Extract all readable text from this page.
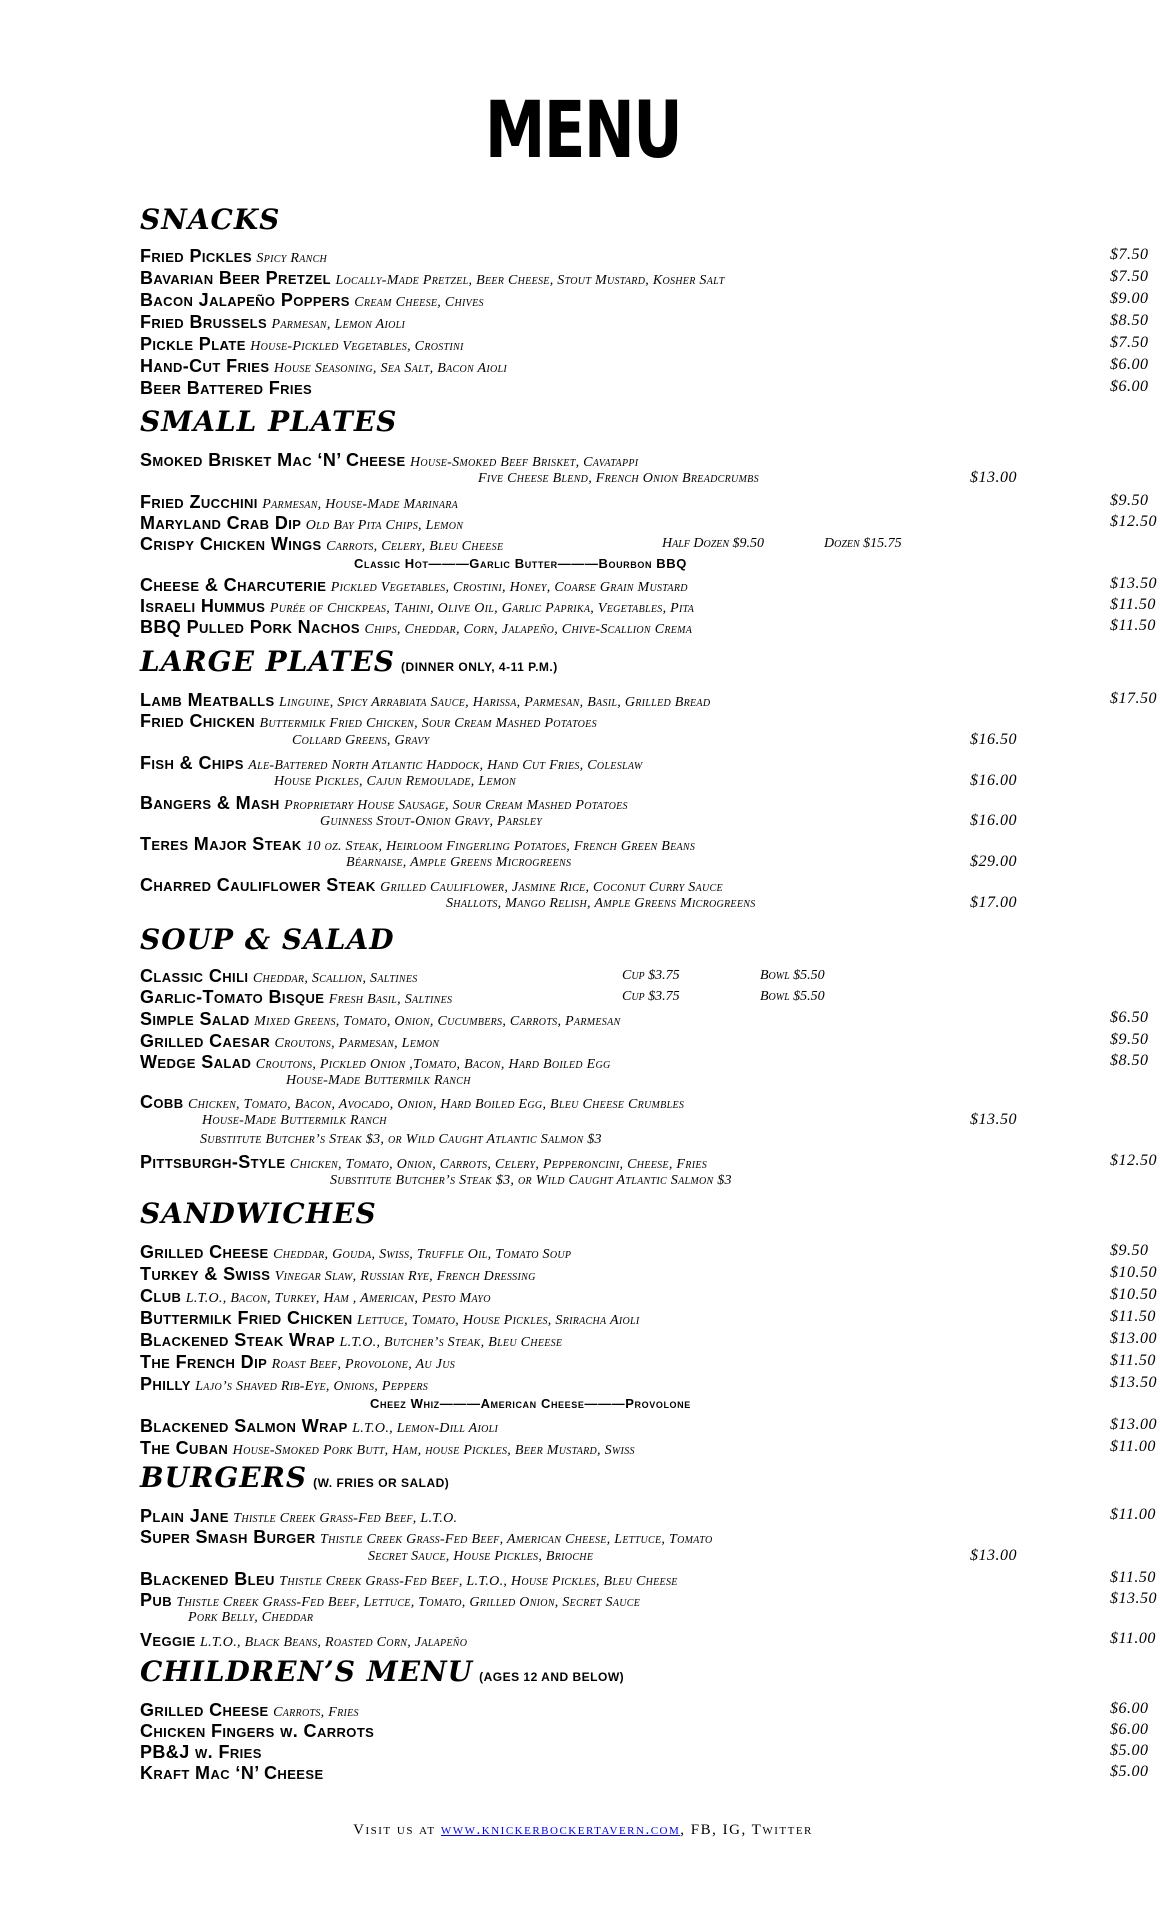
MENU
SNACKS
Fried Pickles Spicy Ranch	$7.50
Bavarian Beer Pretzel Locally-Made Pretzel, Beer Cheese, Stout Mustard, Kosher Salt	$7.50
Bacon Jalapeño Poppers Cream Cheese, Chives	$9.00
Fried Brussels Parmesan, Lemon Aioli	$8.50
Pickle Plate House-Pickled Vegetables, Crostini	$7.50
Hand-Cut Fries House Seasoning, Sea Salt, Bacon Aioli	$6.00
Beer Battered Fries	$6.00
SMALL PLATES
Smoked Brisket Mac ‘N’ Cheese House-Smoked Beef Brisket, Cavatappi
Five Cheese Blend, French Onion Breadcrumbs	$13.00
Fried Zucchini Parmesan, House-Made Marinara	$9.50
Maryland Crab Dip Old Bay Pita Chips, Lemon	$12.50
Crispy Chicken Wings Carrots, Celery, Bleu Cheese	Half Dozen $9.50	Dozen $15.75
Classic Hot———Garlic Butter———Bourbon BBQ
Cheese & Charcuterie Pickled Vegetables, Crostini, Honey, Coarse Grain Mustard	$13.50
Israeli Hummus Purée of Chickpeas, Tahini, Olive Oil, Garlic Paprika, Vegetables, Pita	$11.50
BBQ Pulled Pork Nachos Chips, Cheddar, Corn, Jalapeño, Chive-Scallion Crema	$11.50
LARGE PLATES (DINNER ONLY, 4-11 P.M.)
Lamb Meatballs Linguine, Spicy Arrabiata Sauce, Harissa, Parmesan, Basil, Grilled Bread	$17.50
Fried Chicken Buttermilk Fried Chicken, Sour Cream Mashed Potatoes
Collard Greens, Gravy	$16.50
Fish & Chips Ale-Battered North Atlantic Haddock, Hand Cut Fries, Coleslaw
House Pickles, Cajun Remoulade, Lemon	$16.00
Bangers & Mash Proprietary House Sausage, Sour Cream Mashed Potatoes
Guinness Stout-Onion Gravy, Parsley	$16.00
Teres Major Steak 10 oz. Steak, Heirloom Fingerling Potatoes, French Green Beans
Béarnaise, Ample Greens Microgreens	$29.00
Charred Cauliflower Steak Grilled Cauliflower, Jasmine Rice, Coconut Curry Sauce
Shallots, Mango Relish, Ample Greens Microgreens	$17.00
SOUP & SALAD
Classic Chili Cheddar, Scallion, Saltines	Cup $3.75	Bowl $5.50
Garlic-Tomato Bisque Fresh Basil, Saltines	Cup $3.75	Bowl $5.50
Simple Salad Mixed Greens, Tomato, Onion, Cucumbers, Carrots, Parmesan	$6.50
Grilled Caesar Croutons, Parmesan, Lemon	$9.50
Wedge Salad Croutons, Pickled Onion ,Tomato, Bacon, Hard Boiled Egg	$8.50
House-Made Buttermilk Ranch
Cobb Chicken, Tomato, Bacon, Avocado, Onion, Hard Boiled Egg, Bleu Cheese Crumbles
House-Made Buttermilk Ranch	$13.50
Substitute Butcher’s Steak $3, or Wild Caught Atlantic Salmon $3
Pittsburgh-Style Chicken, Tomato, Onion, Carrots, Celery, Pepperoncini, Cheese, Fries	$12.50
Substitute Butcher’s Steak $3, or Wild Caught Atlantic Salmon $3
SANDWICHES
Grilled Cheese Cheddar, Gouda, Swiss, Truffle Oil, Tomato Soup	$9.50
Turkey & Swiss Vinegar Slaw, Russian Rye, French Dressing	$10.50
Club L.T.O., Bacon, Turkey, Ham , American, Pesto Mayo	$10.50
Buttermilk Fried Chicken Lettuce, Tomato, House Pickles, Sriracha Aioli	$11.50
Blackened Steak Wrap L.T.O., Butcher’s Steak, Bleu Cheese	$13.00
The French Dip Roast Beef, Provolone, Au Jus	$11.50
Philly Lajo’s Shaved Rib-Eye, Onions, Peppers	$13.50
Cheez Whiz———American Cheese———Provolone
Blackened Salmon Wrap L.T.O., Lemon-Dill Aioli	$13.00
The Cuban House-Smoked Pork Butt, Ham, house Pickles, Beer Mustard, Swiss	$11.00
BURGERS (W. FRIES OR SALAD)
Plain Jane Thistle Creek Grass-Fed Beef, L.T.O.	$11.00
Super Smash Burger Thistle Creek Grass-Fed Beef, American Cheese, Lettuce, Tomato
Secret Sauce, House Pickles, Brioche	$13.00
Blackened Bleu Thistle Creek Grass-Fed Beef, L.T.O., House Pickles, Bleu Cheese	$11.50
Pub Thistle Creek Grass-Fed Beef, Lettuce, Tomato, Grilled Onion, Secret Sauce	$13.50
Pork Belly, Cheddar
Veggie L.T.O., Black Beans, Roasted Corn, Jalapeño	$11.00
CHILDREN’S MENU (AGES 12 AND BELOW)
Grilled Cheese Carrots, Fries	$6.00
Chicken Fingers w. Carrots	$6.00
PB&J w. Fries	$5.00
Kraft Mac ‘N’ Cheese	$5.00
Visit us at www.knickerbockertavern.com, FB, IG, Twitter
